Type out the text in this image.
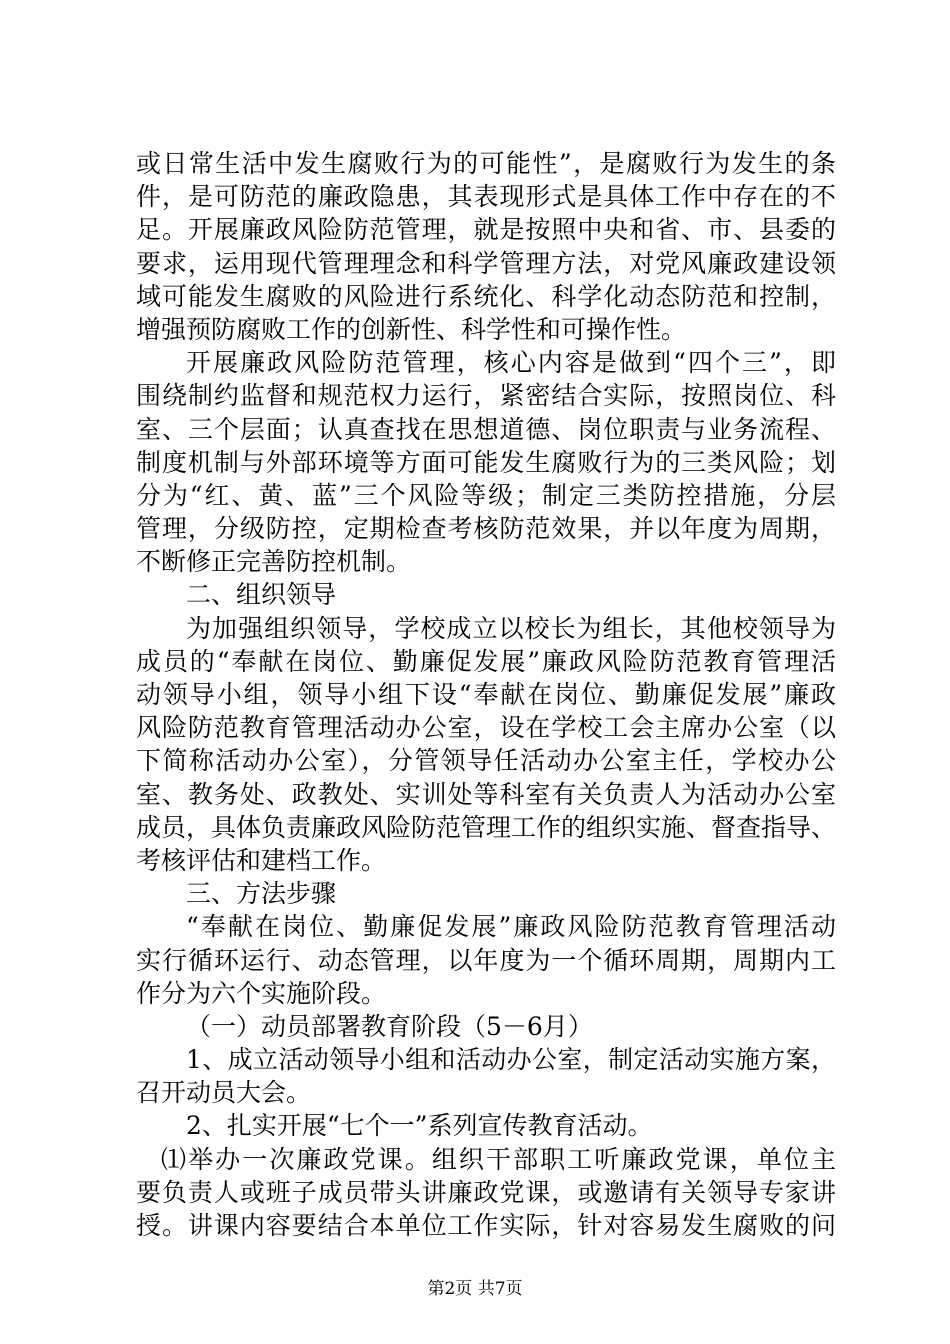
或日常生活中发生腐败行为的可能性”，是腐败行为发生的条
件，是可防范的廉政隐患，其表现形式是具体工作中存在的不
足。开展廉政风险防范管理，就是按照中央和省、市、县委的
要求，运用现代管理理念和科学管理方法，对党风廉政建设领
域可能发生腐败的风险进行系统化、科学化动态防范和控制，
增强预防腐败工作的创新性、科学性和可操作性。
开展廉政风险防范管理，核心内容是做到“四个三”，即
围绕制约监督和规范权力运行，紧密结合实际，按照岗位、科
室、三个层面；认真查找在思想道德、岗位职责与业务流程、
制度机制与外部环境等方面可能发生腐败行为的三类风险；划
分为“红、黄、蓝”三个风险等级；制定三类防控措施，分层
管理，分级防控，定期检查考核防范效果，并以年度为周期，
不断修正完善防控机制。
二、组织领导
为加强组织领导，学校成立以校长为组长，其他校领导为
成员的“奉献在岗位、勤廉促发展”廉政风险防范教育管理活
动领导小组，领导小组下设“奉献在岗位、勤廉促发展”廉政
风险防范教育管理活动办公室，设在学校工会主席办公室（以
下简称活动办公室），分管领导任活动办公室主任，学校办公
室、教务处、政教处、实训处等科室有关负责人为活动办公室
成员，具体负责廉政风险防范管理工作的组织实施、督查指导、
考核评估和建档工作。
三、方法步骤
“奉献在岗位、勤廉促发展”廉政风险防范教育管理活动
实行循环运行、动态管理，以年度为一个循环周期，周期内工
作分为六个实施阶段。
（一）动员部署教育阶段（5－6月）
1、成立活动领导小组和活动办公室，制定活动实施方案，
召开动员大会。
2、扎实开展“七个一”系列宣传教育活动。
⑴举办一次廉政党课。组织干部职工听廉政党课，单位主
要负责人或班子成员带头讲廉政党课，或邀请有关领导专家讲
授。讲课内容要结合本单位工作实际，针对容易发生腐败的问
第2页 共7页
